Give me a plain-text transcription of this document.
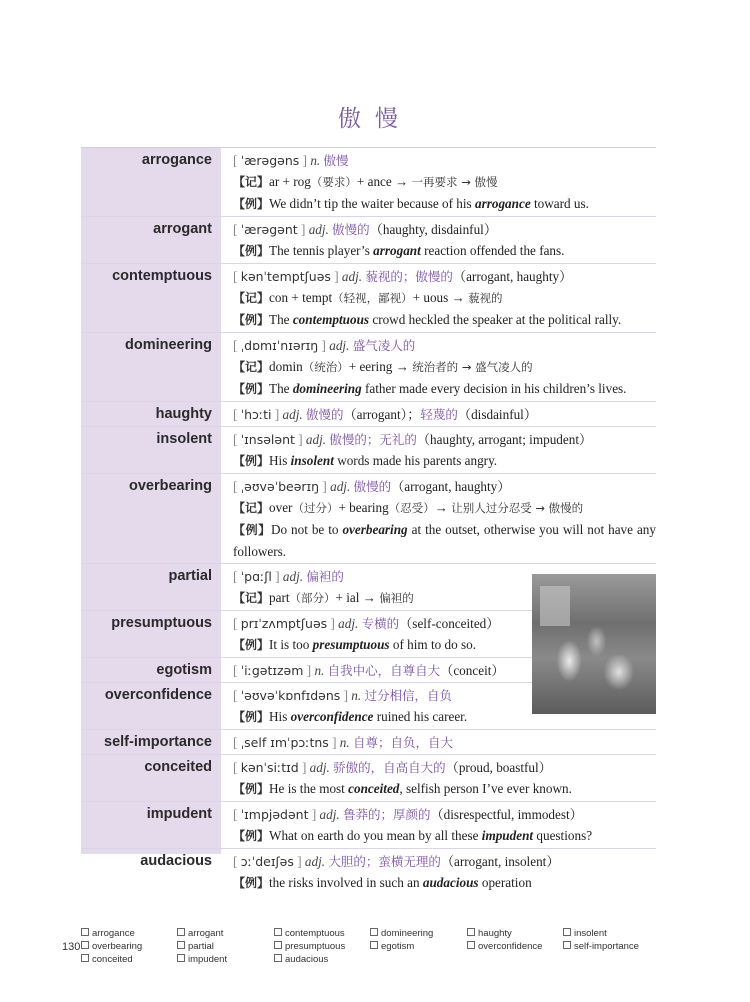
傲慢
arrogance	[ ˈærəgəns ] n. 傲慢
【记】ar + rog（要求）+ ance → 一再要求 → 傲慢
【例】We didn’t tip the waiter because of his arrogance toward us.
arrogant	[ ˈærəgənt ] adj. 傲慢的（haughty, disdainful）
【例】The tennis player’s arrogant reaction offended the fans.
contemptuous	[ kənˈtemptʃuəs ] adj. 藐视的；傲慢的（arrogant, haughty）
【记】con + tempt（轻视，鄙视）+ uous → 藐视的
【例】The contemptuous crowd heckled the speaker at the political rally.
domineering	[ ˌdɒmɪˈnɪərɪŋ ] adj. 盛气凌人的
【记】domin（统治）+ eering → 统治者的 → 盛气凌人的
【例】The domineering father made every decision in his children’s lives.
haughty	[ ˈhɔːti ] adj. 傲慢的（arrogant）；轻蔑的（disdainful）
insolent	[ ˈɪnsələnt ] adj. 傲慢的；无礼的（haughty, arrogant; impudent）
【例】His insolent words made his parents angry.
overbearing	[ ˌəʊvəˈbeərɪŋ ] adj. 傲慢的（arrogant, haughty）
【记】over（过分）+ bearing（忍受）→ 让别人过分忍受 → 傲慢的
【例】Do not be to overbearing at the outset, otherwise you will not have any followers.
partial	[ ˈpɑːʃl ] adj. 偏袒的
【记】part（部分）+ ial → 偏袒的
presumptuous	[ prɪˈzʌmptʃuəs ] adj. 专横的（self-conceited）
【例】It is too presumptuous of him to do so.
egotism	[ ˈiːgətɪzəm ] n. 自我中心，自尊自大（conceit）
overconfidence	[ ˈəʊvəˈkɒnfɪdəns ] n. 过分相信，自负
【例】His overconfidence ruined his career.
self-importance	[ ˌself ɪmˈpɔːtns ] n. 自尊；自负，自大
conceited	[ kənˈsiːtɪd ] adj. 骄傲的，自高自大的（proud, boastful）
【例】He is the most conceited, selfish person I’ve ever known.
impudent	[ ˈɪmpjədənt ] adj. 鲁莽的；厚颜的（disrespectful, immodest）
【例】What on earth do you mean by all these impudent questions?
audacious	[ ɔːˈdeɪʃəs ] adj. 大胆的；蛮横无理的（arrogant, insolent）
【例】the risks involved in such an audacious operation
130
arrogance	arrogant	contemptuous	domineering	haughty	insolent
overbearing	partial	presumptuous	egotism	overconfidence	self-importance
conceited	impudent	audacious
